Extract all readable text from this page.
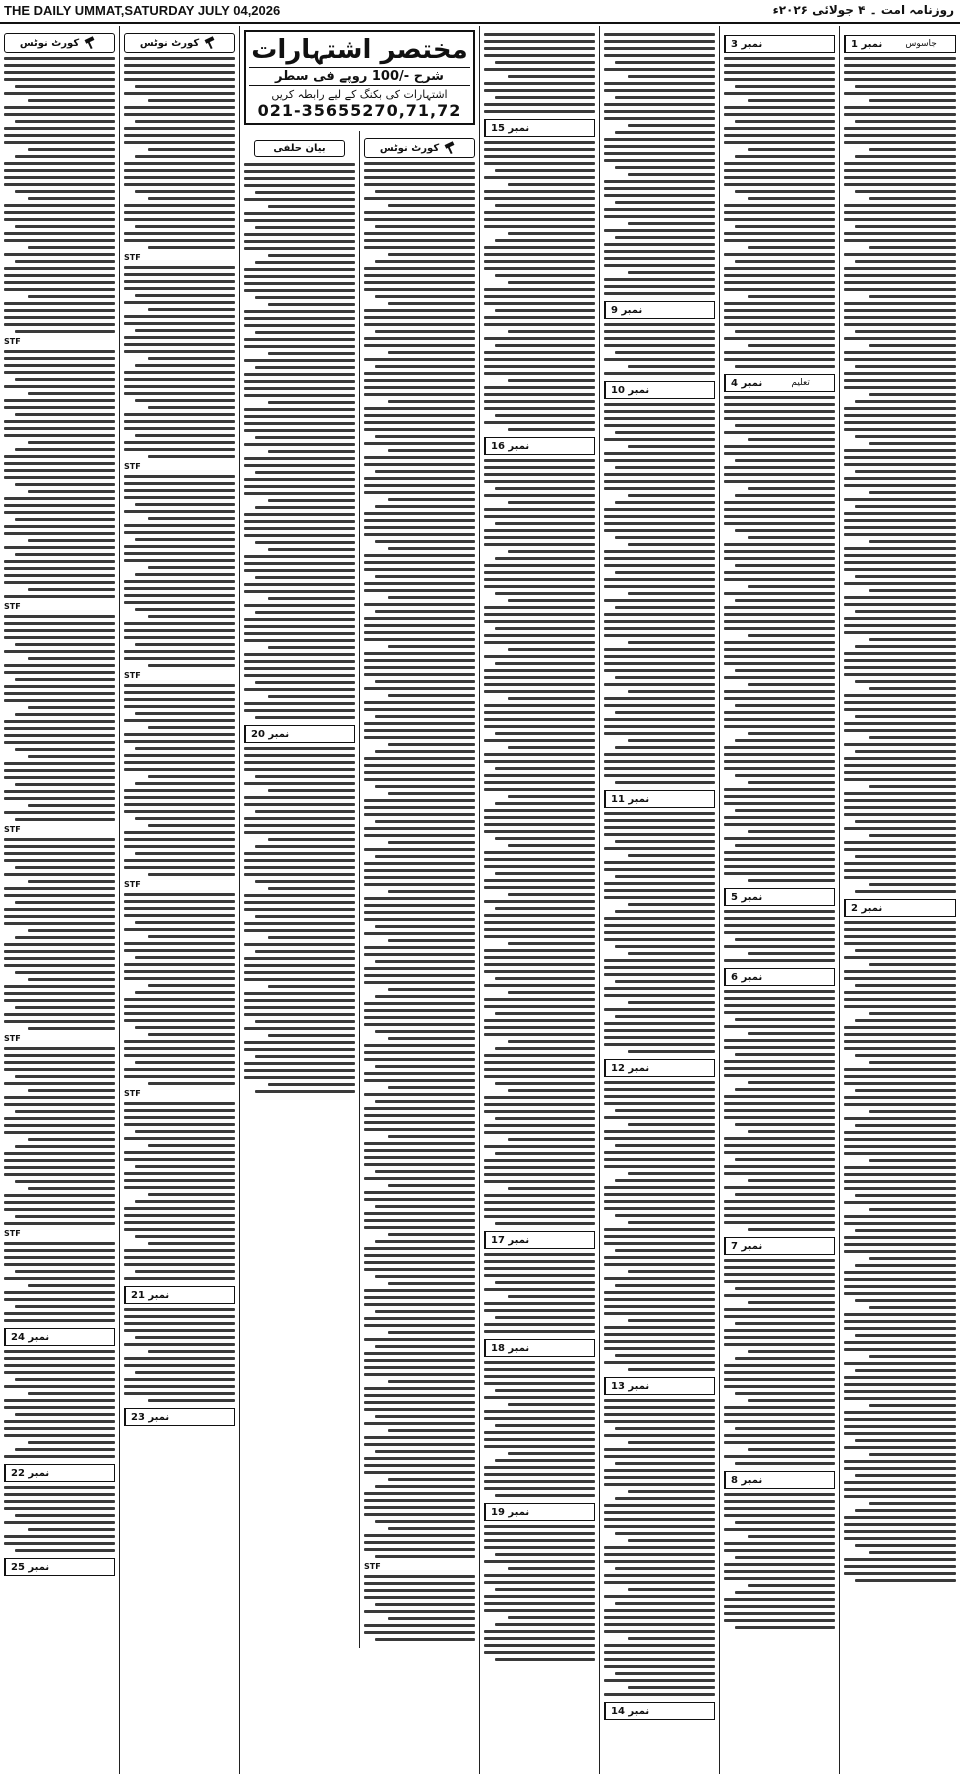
THE DAILY UMMAT,SATURDAY JULY 04,2026	روزنامہ امت ۔ ۴ جولائی ۲۰۲۶ء
کورٹ نوٹس
STF
STF
STF
STF
STF
نمبر 24
نمبر 22
نمبر 25
کورٹ نوٹس
STF
STF
STF
STF
STF
نمبر 21
نمبر 23
مختصر اشتہارات
شرح -/100 روپے فی سطر
اشتہارات کی بکنگ کے لیے رابطہ کریں
021-35655270,71,72
بیان حلفی
نمبر 20
کورٹ نوٹس
STF
نمبر 15
نمبر 16
نمبر 17
نمبر 18
نمبر 19
نمبر 9
نمبر 10
نمبر 11
نمبر 12
نمبر 13
نمبر 14
نمبر 3
نمبر 4	تعلیم
نمبر 5
نمبر 6
نمبر 7
نمبر 8
نمبر 1	جاسوس
نمبر 2
